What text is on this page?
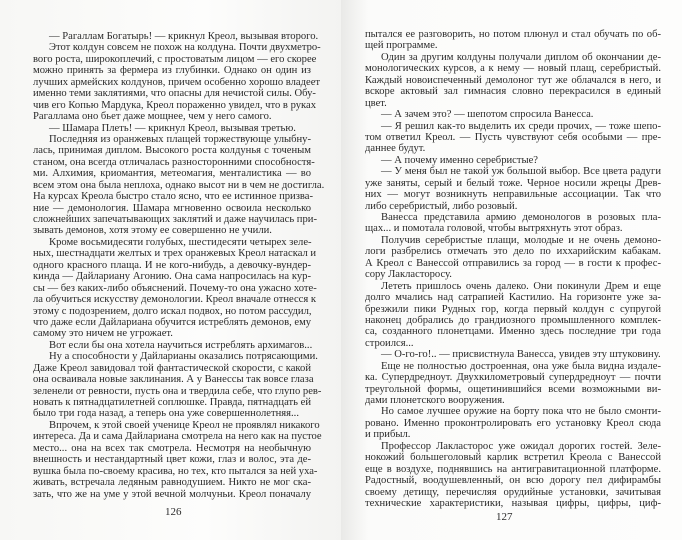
— Рагаллам Богатырь! — крикнул Креол, вызывая второго.
Этот колдун совсем не похож на колдуна. Почти двухметро-
вого роста, широкоплечий, с простоватым лицом — его скорее
можно принять за фермера из глубинки. Однако он один из
лучших армейских колдунов, причем особенно хорошо владеет
именно теми заклятиями, что опасны для нечистой силы. Обу-
чив его Копью Мардука, Креол пораженно увидел, что в руках
Рагаллама оно бьет даже мощнее, чем у него самого.
— Шамара Плеть! — крикнул Креол, вызывая третью.
Последняя из оранжевых плащей торжествующе улыбну-
лась, принимая диплом. Высокого роста колдунья с точеным
станом, она всегда отличалась разносторонними способностя-
ми. Алхимия, криомантия, метеомагия, менталистика — во
всем этом она была неплоха, однако высот ни в чем не достигла.
На курсах Креола быстро стало ясно, что ее истинное призва-
ние — демонология. Шамара мгновенно освоила несколько
сложнейших запечатывающих заклятий и даже научилась при-
зывать демонов, хотя этому ее совершенно не учили.
Кроме восьмидесяти голубых, шестидесяти четырех зеле-
ных, шестнадцати желтых и трех оранжевых Креол натаскал и
одного красного плаща. И не кого-нибудь, а девочку-вундер-
кинда — Дайлариану Агонию. Она сама напросилась на кур-
сы — без каких-либо объяснений. Почему-то она ужасно хоте-
ла обучиться искусству демонологии. Креол вначале отнесся к
этому с подозрением, долго искал подвох, но потом рассудил,
что даже если Дайлариана обучится истреблять демонов, ему
самому это ничем не угрожает.
Вот если бы она хотела научиться истреблять архимагов...
Ну а способности у Дайларианы оказались потрясающими.
Даже Креол завидовал той фантастической скорости, с какой
она осваивала новые заклинания. А у Ванессы так вовсе глаза
зеленели от ревности, пусть она и твердила себе, что глупо рев-
новать к пятнадцатилетней соплюшке. Правда, пятнадцать ей
было три года назад, а теперь она уже совершеннолетняя...
Впрочем, к этой своей ученице Креол не проявлял никакого
интереса. Да и сама Дайлариана смотрела на него как на пустое
место... она на всех так смотрела. Несмотря на необычную
внешность и нестандартный цвет кожи, глаз и волос, эта де-
вушка была по-своему красива, но тех, кто пытался за ней уха-
живать, встречала ледяным равнодушием. Никто не мог ска-
зать, что же на уме у этой вечной молчуньи. Креол поначалу
126
пытался ее разговорить, но потом плюнул и стал обучать по об-
щей программе.
Один за другим колдуны получали диплом об окончании де-
монологических курсов, а к нему — новый плащ, серебристый.
Каждый новоиспеченный демолоног тут же облачался в него, и
вскоре актовый зал гимнасия словно перекрасился в единый
цвет.
— А зачем это? — шепотом спросила Ванесса.
— Я решил как-то выделить их среди прочих, — тоже шепо-
том ответил Креол. — Пусть чувствуют себя особыми — пре-
даннее будут.
— А почему именно серебристые?
— У меня был не такой уж большой выбор. Все цвета радуги
уже заняты, серый и белый тоже. Черное носили жрецы Древ-
них — могут возникнуть неправильные ассоциации. Так что
либо серебристый, либо розовый.
Ванесса представила армию демонологов в розовых пла-
щах... и помотала головой, чтобы вытряхнуть этот образ.
Получив серебристые плащи, молодые и не очень демоно-
логи разбрелись отмечать это дело по иххарийским кабакам.
А Креол с Ванессой отправились за город — в гости к профес-
сору Лакласторосу.
Лететь пришлось очень далеко. Они покинули Дрем и еще
долго мчались над сатрапией Кастилио. На горизонте уже за-
брезжили пики Рудных гор, когда первый колдун с супругой
наконец добрались до грандиозного промышленного комплек-
са, созданного плонетцами. Именно здесь последние три года
строился...
— О-го-го!.. — присвистнула Ванесса, увидев эту штуковину.
Еще не полностью достроенная, она уже была видна издале-
ка. Супердредноут. Двухкилометровый супердредноут — почти
треугольной формы, ощетинившийся всеми возможными ви-
дами плонетского вооружения.
Но самое лучшее оружие на борту пока что не было смонти-
ровано. Именно проконтролировать его установку Креол сюда
и прибыл.
Профессор Лакласторос уже ожидал дорогих гостей. Зеле-
нокожий большеголовый карлик встретил Креола с Ванессой
еще в воздухе, поднявшись на антигравитационной платформе.
Радостный, воодушевленный, он всю дорогу пел дифирамбы
своему детищу, перечисляя орудийные установки, зачитывая
технические характеристики, называя цифры, цифры, циф-
127
